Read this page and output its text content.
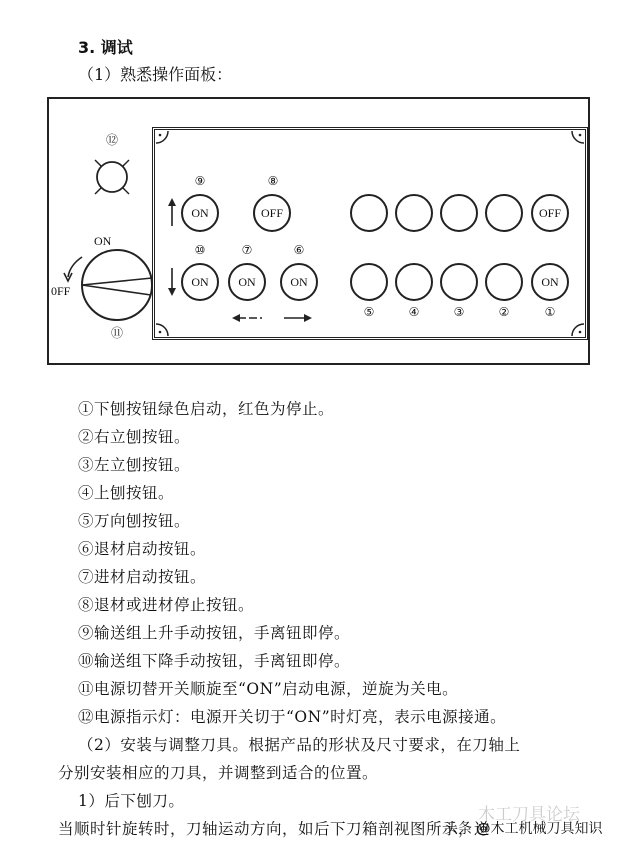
3. 调试
（1）熟悉操作面板：
⑫
ON
0FF
⑪
⑨
ON
⑧
OFF
⑩
ON
⑦
ON
⑥
ON
OFF
ON
⑤	④	③	②	①
①下刨按钮绿色启动，红色为停止。
②右立刨按钮。
③左立刨按钮。
④上刨按钮。
⑤万向刨按钮。
⑥退材启动按钮。
⑦进材启动按钮。
⑧退材或进材停止按钮。
⑨输送组上升手动按钮，手离钮即停。
⑩输送组下降手动按钮，手离钮即停。
⑪电源切替开关顺旋至“ON”启动电源，逆旋为关电。
⑫电源指示灯：电源开关切于“ON”时灯亮，表示电源接通。
（2）安装与调整刀具。根据产品的形状及尺寸要求，在刀轴上
分别安装相应的刀具，并调整到适合的位置。
1）后下刨刀。
当顺时针旋转时，刀轴运动方向，如后下刀箱剖视图所示，逆
木工刀具论坛
头条 @木工机械刀具知识
